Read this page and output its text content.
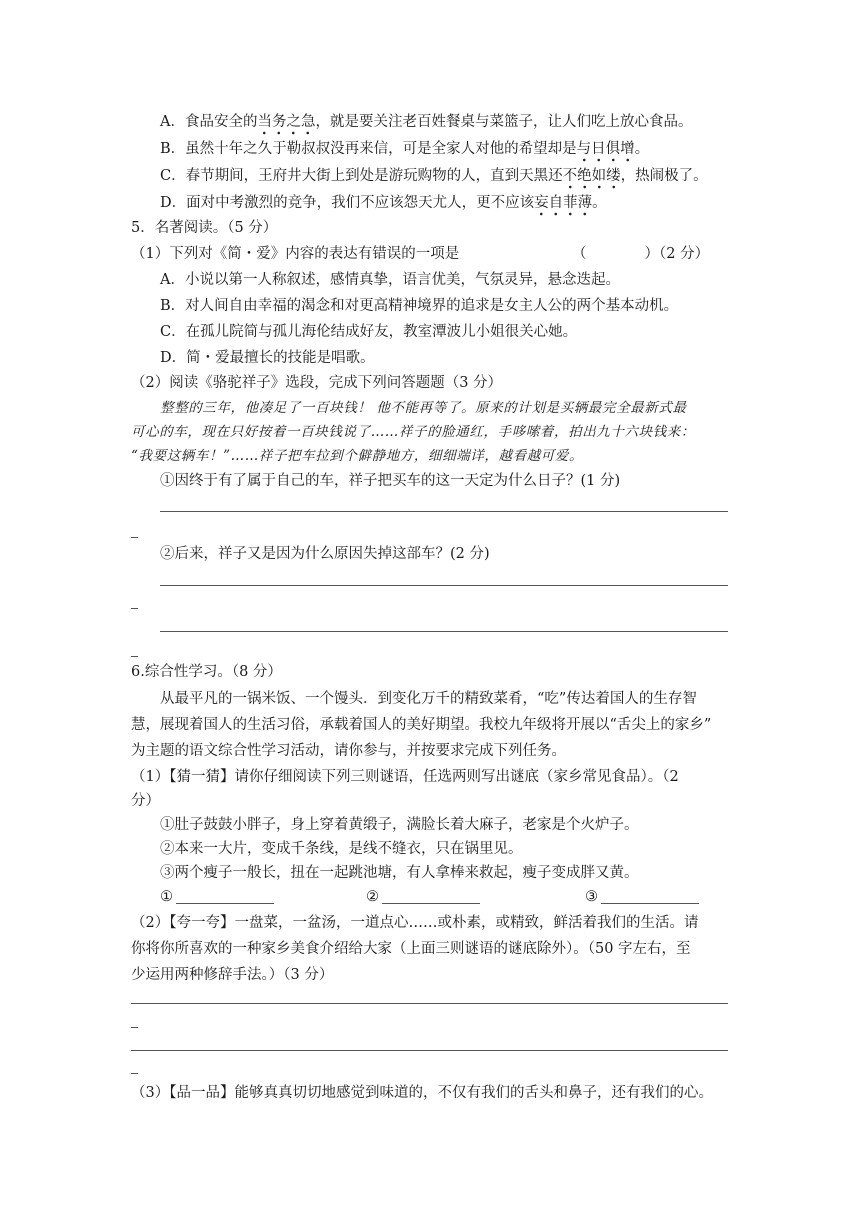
A．食品安全的当务之急，就是要关注老百姓餐桌与菜篮子，让人们吃上放心食品。
B．虽然十年之久于勒叔叔没再来信，可是全家人对他的希望却是与日俱增。
C．春节期间，王府井大街上到处是游玩购物的人，直到天黑还不绝如缕，热闹极了。
D．面对中考激烈的竞争，我们不应该怨天尤人，更不应该妄自菲薄。
5．名著阅读。（5 分）
（1）下列对《简・爱》内容的表达有错误的一项是	（　　　　）（2 分）
A．小说以第一人称叙述，感情真挚，语言优美，气氛灵异，悬念迭起。
B．对人间自由幸福的渴念和对更高精神境界的追求是女主人公的两个基本动机。
C．在孤儿院简与孤儿海伦结成好友，教室潭波儿小姐很关心她。
D．简・爱最擅长的技能是唱歌。
（2）阅读《骆驼祥子》选段，完成下列问答题题（3 分）
整整的三年，他凑足了一百块钱！ 他不能再等了。原来的计划是买辆最完全最新式最
可心的车，现在只好按着一百块钱说了……祥子的脸通红，手哆嗦着，拍出九十六块钱来：
“我要这辆车！”……祥子把车拉到个僻静地方，细细端详，越看越可爱。
①因终于有了属于自己的车，祥子把买车的这一天定为什么日子？(1 分)
②后来，祥子又是因为什么原因失掉这部车？(2 分)
6.综合性学习。（8 分）
从最平凡的一锅米饭、一个馒头．到变化万千的精致菜肴，“吃”传达着国人的生存智
慧，展现着国人的生活习俗，承载着国人的美好期望。我校九年级将开展以“舌尖上的家乡”
为主题的语文综合性学习活动，请你参与，并按要求完成下列任务。
（1）【猜一猜】请你仔细阅读下列三则谜语，任选两则写出谜底（家乡常见食品）。（2
分）
①肚子鼓鼓小胖子，身上穿着黄缎子，满脸长着大麻子，老家是个火炉子。
②本来一大片，变成千条线，是线不缝衣，只在锅里见。
③两个瘦子一般长，扭在一起跳池塘，有人拿棒来救起，瘦子变成胖又黄。
①	②	③
（2）【夸一夸】一盘菜，一盆汤，一道点心……或朴素，或精致，鲜活着我们的生活。请
你将你所喜欢的一种家乡美食介绍给大家（上面三则谜语的谜底除外）。（50 字左右，至
少运用两种修辞手法。）（3 分）
（3）【品一品】能够真真切切地感觉到味道的，不仅有我们的舌头和鼻子，还有我们的心。
